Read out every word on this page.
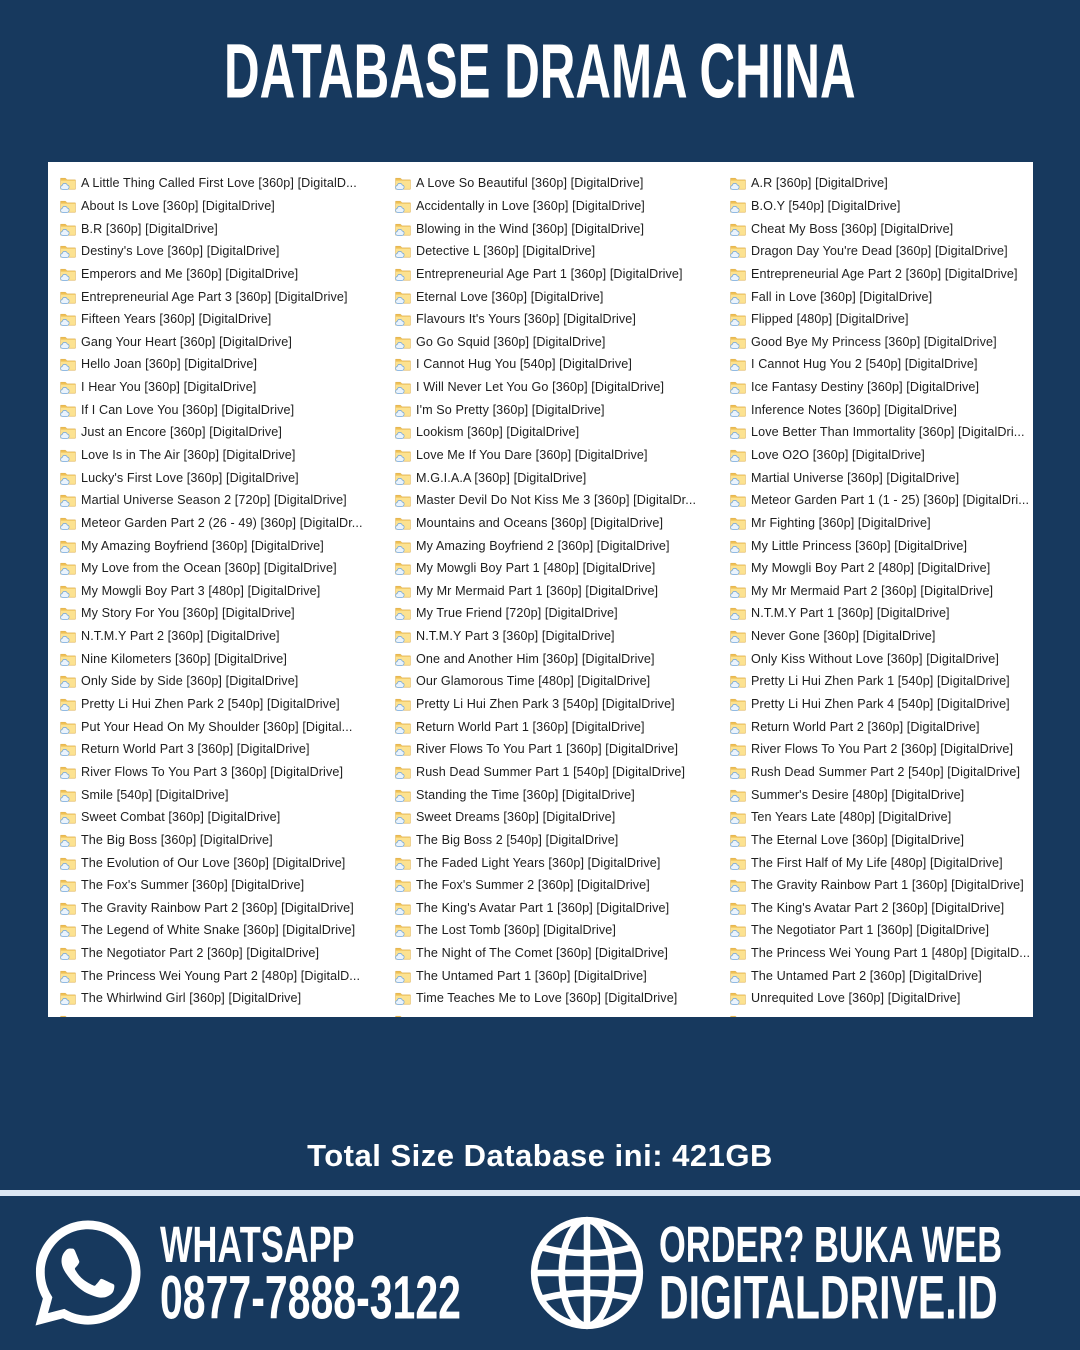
DATABASE DRAMA CHINA
A Little Thing Called First Love [360p] [DigitalD...
About Is Love [360p] [DigitalDrive]
B.R [360p] [DigitalDrive]
Destiny's Love [360p] [DigitalDrive]
Emperors and Me [360p] [DigitalDrive]
Entrepreneurial Age Part 3 [360p] [DigitalDrive]
Fifteen Years [360p] [DigitalDrive]
Gang Your Heart [360p] [DigitalDrive]
Hello Joan [360p] [DigitalDrive]
I Hear You [360p] [DigitalDrive]
If I Can Love You [360p] [DigitalDrive]
Just an Encore [360p] [DigitalDrive]
Love Is in The Air [360p] [DigitalDrive]
Lucky's First Love [360p] [DigitalDrive]
Martial Universe Season 2 [720p] [DigitalDrive]
Meteor Garden Part 2 (26 - 49) [360p] [DigitalDr...
My Amazing Boyfriend [360p] [DigitalDrive]
My Love from the Ocean [360p] [DigitalDrive]
My Mowgli Boy Part 3 [480p] [DigitalDrive]
My Story For You [360p] [DigitalDrive]
N.T.M.Y Part 2 [360p] [DigitalDrive]
Nine Kilometers [360p] [DigitalDrive]
Only Side by Side [360p] [DigitalDrive]
Pretty Li Hui Zhen Park 2 [540p] [DigitalDrive]
Put Your Head On My Shoulder [360p] [Digital...
Return World Part 3 [360p] [DigitalDrive]
River Flows To You Part 3 [360p] [DigitalDrive]
Smile [540p] [DigitalDrive]
Sweet Combat [360p] [DigitalDrive]
The Big Boss [360p] [DigitalDrive]
The Evolution of Our Love [360p] [DigitalDrive]
The Fox's Summer [360p] [DigitalDrive]
The Gravity Rainbow Part 2 [360p] [DigitalDrive]
The Legend of White Snake [360p] [DigitalDrive]
The Negotiator Part 2 [360p] [DigitalDrive]
The Princess Wei Young Part 2 [480p] [DigitalD...
The Whirlwind Girl [360p] [DigitalDrive]
A Love So Beautiful [360p] [DigitalDrive]
Accidentally in Love [360p] [DigitalDrive]
Blowing in the Wind [360p] [DigitalDrive]
Detective L [360p] [DigitalDrive]
Entrepreneurial Age Part 1 [360p] [DigitalDrive]
Eternal Love [360p] [DigitalDrive]
Flavours It's Yours [360p] [DigitalDrive]
Go Go Squid [360p] [DigitalDrive]
I Cannot Hug You [540p] [DigitalDrive]
I Will Never Let You Go [360p] [DigitalDrive]
I'm So Pretty [360p] [DigitalDrive]
Lookism [360p] [DigitalDrive]
Love Me If You Dare [360p] [DigitalDrive]
M.G.I.A.A [360p] [DigitalDrive]
Master Devil Do Not Kiss Me 3 [360p] [DigitalDr...
Mountains and Oceans [360p] [DigitalDrive]
My Amazing Boyfriend 2 [360p] [DigitalDrive]
My Mowgli Boy Part 1 [480p] [DigitalDrive]
My Mr Mermaid Part 1 [360p] [DigitalDrive]
My True Friend [720p] [DigitalDrive]
N.T.M.Y Part 3 [360p] [DigitalDrive]
One and Another Him [360p] [DigitalDrive]
Our Glamorous Time [480p] [DigitalDrive]
Pretty Li Hui Zhen Park 3 [540p] [DigitalDrive]
Return World Part 1 [360p] [DigitalDrive]
River Flows To You Part 1 [360p] [DigitalDrive]
Rush Dead Summer Part 1 [540p] [DigitalDrive]
Standing the Time [360p] [DigitalDrive]
Sweet Dreams [360p] [DigitalDrive]
The Big Boss 2 [540p] [DigitalDrive]
The Faded Light Years [360p] [DigitalDrive]
The Fox's Summer 2 [360p] [DigitalDrive]
The King's Avatar Part 1 [360p] [DigitalDrive]
The Lost Tomb [360p] [DigitalDrive]
The Night of The Comet [360p] [DigitalDrive]
The Untamed Part 1 [360p] [DigitalDrive]
Time Teaches Me to Love [360p] [DigitalDrive]
A.R [360p] [DigitalDrive]
B.O.Y [540p] [DigitalDrive]
Cheat My Boss [360p] [DigitalDrive]
Dragon Day You're Dead [360p] [DigitalDrive]
Entrepreneurial Age Part 2 [360p] [DigitalDrive]
Fall in Love [360p] [DigitalDrive]
Flipped [480p] [DigitalDrive]
Good Bye My Princess [360p] [DigitalDrive]
I Cannot Hug You 2 [540p] [DigitalDrive]
Ice Fantasy Destiny [360p] [DigitalDrive]
Inference Notes [360p] [DigitalDrive]
Love Better Than Immortality [360p] [DigitalDri...
Love O2O [360p] [DigitalDrive]
Martial Universe [360p] [DigitalDrive]
Meteor Garden Part 1 (1 - 25) [360p] [DigitalDri...
Mr Fighting [360p] [DigitalDrive]
My Little Princess [360p] [DigitalDrive]
My Mowgli Boy Part 2 [480p] [DigitalDrive]
My Mr Mermaid Part 2 [360p] [DigitalDrive]
N.T.M.Y Part 1 [360p] [DigitalDrive]
Never Gone [360p] [DigitalDrive]
Only Kiss Without Love [360p] [DigitalDrive]
Pretty Li Hui Zhen Park 1 [540p] [DigitalDrive]
Pretty Li Hui Zhen Park 4 [540p] [DigitalDrive]
Return World Part 2 [360p] [DigitalDrive]
River Flows To You Part 2 [360p] [DigitalDrive]
Rush Dead Summer Part 2 [540p] [DigitalDrive]
Summer's Desire [480p] [DigitalDrive]
Ten Years Late [480p] [DigitalDrive]
The Eternal Love [360p] [DigitalDrive]
The First Half of My Life [480p] [DigitalDrive]
The Gravity Rainbow Part 1 [360p] [DigitalDrive]
The King's Avatar Part 2 [360p] [DigitalDrive]
The Negotiator Part 1 [360p] [DigitalDrive]
The Princess Wei Young Part 1 [480p] [DigitalD...
The Untamed Part 2 [360p] [DigitalDrive]
Unrequited Love [360p] [DigitalDrive]
Total Size Database ini: 421GB
WHATSAPP
0877-7888-3122
ORDER? BUKA WEB
DIGITALDRIVE.ID
